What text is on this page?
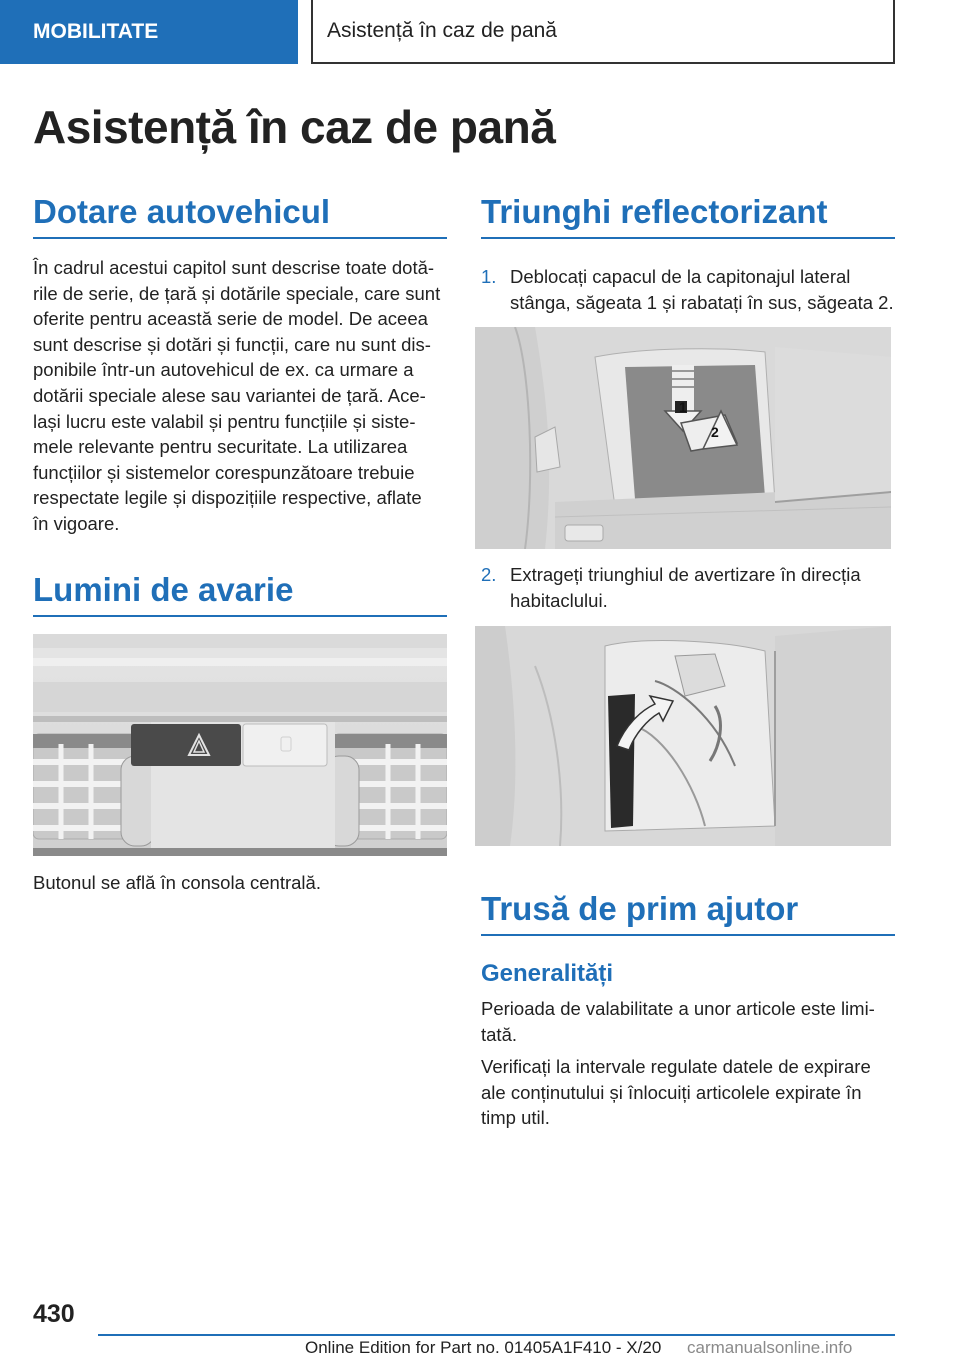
MOBILITATE	Asistență în caz de pană
Asistență în caz de pană
Dotare autovehicul

În cadrul acestui capitol sunt descrise toate dotă‐
rile de serie, de țară și dotările speciale, care sunt
oferite pentru această serie de model. De aceea
sunt descrise și dotări și funcții, care nu sunt dis‐
ponibile într-un autovehicul de ex. ca urmare a
dotării speciale alese sau variantei de țară. Ace‐
lași lucru este valabil și pentru funcțiile și siste‐
mele relevante pentru securitate. La utilizarea
funcțiilor și sistemelor corespunzătoare trebuie
respectate legile și dispozițiile respective, aflate
în vigoare.

Lumini de avarie

Butonul se află în consola centrală.

Triunghi reflectorizant
1. Deblocați capacul de la capitonajul lateral
stânga, săgeata 1 și rabatați în sus, săgeata 2.
1
2
2. Extrageți triunghiul de avertizare în direcția
habitaclului.
Trusă de prim ajutor
Generalități

Perioada de valabilitate a unor articole este limi‐
tată.

Verificați la intervale regulate datele de expirare
ale conținutului și înlocuiți articolele expirate în
timp util.

430
Online Edition for Part no. 01405A1F410 - X/20 carmanualsonline.info
